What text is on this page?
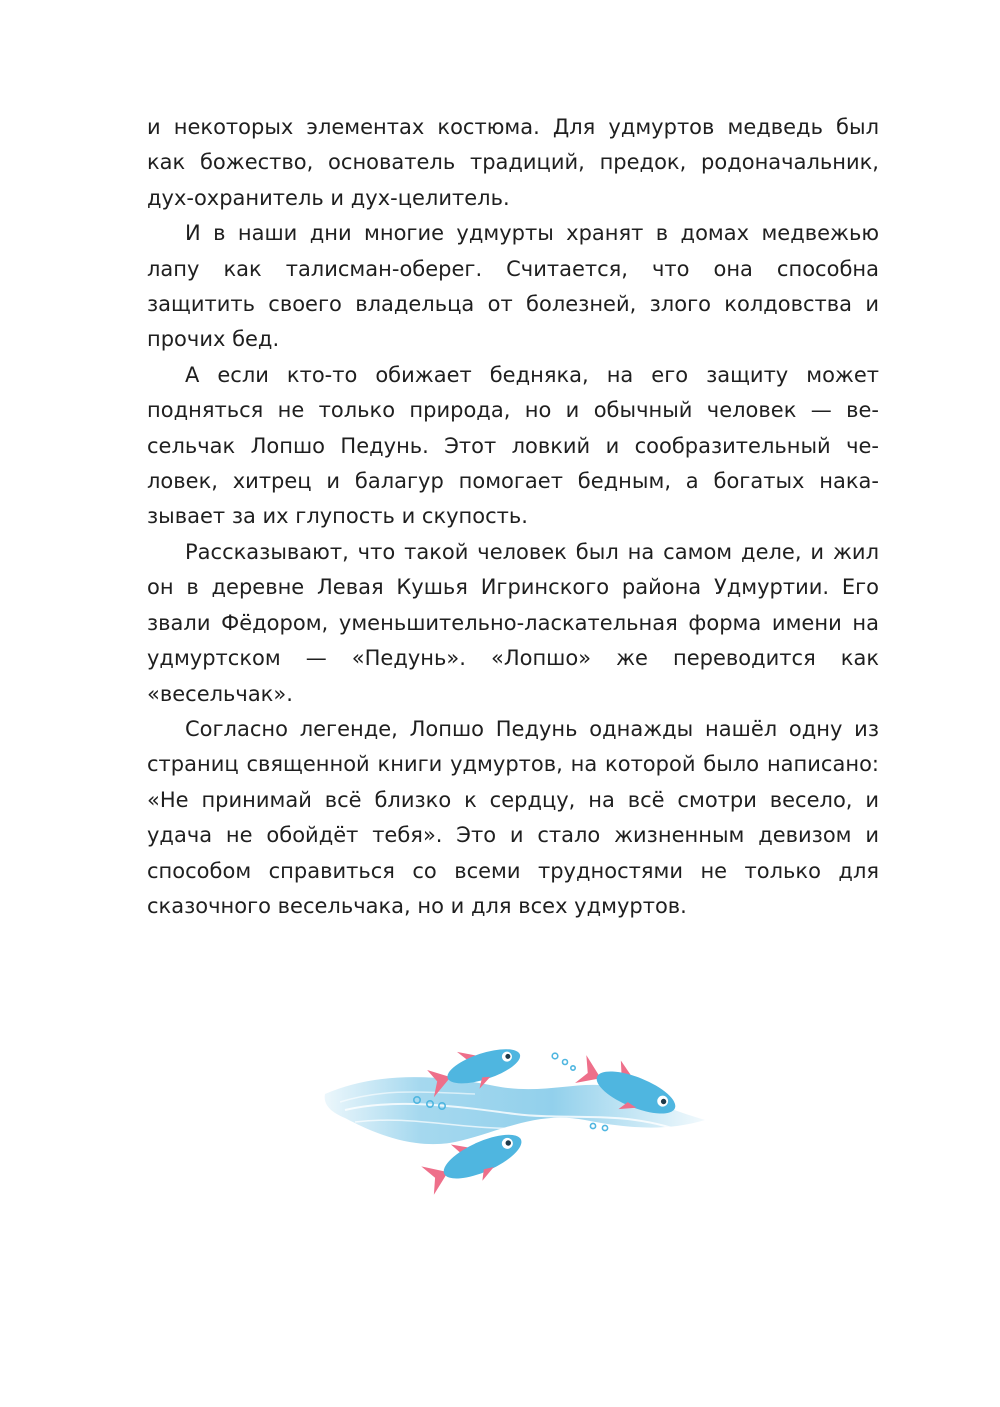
и некоторых элементах костюма. Для удмуртов медведь был как божество, основатель традиций, предок, родоначальник, дух-охранитель и дух-целитель.

И в наши дни многие удмурты хранят в домах медвежью лапу как талисман-оберег. Считается, что она способна защитить своего владельца от болезней, злого колдовства и прочих бед.

А если кто-то обижает бедняка, на его защиту может подняться не только природа, но и обычный человек — весельчак Лопшо Педунь. Этот ловкий и сообразительный человек, хитрец и балагур помогает бедным, а богатых наказывает за их глупость и скупость.

Рассказывают, что такой человек был на самом деле, и жил он в деревне Левая Кушья Игринского района Удмуртии. Его звали Фёдором, уменьшительно-ласкательная форма имени на удмуртском — «Педунь». «Лопшо» же переводится как «весельчак».

Согласно легенде, Лопшо Педунь однажды нашёл одну из страниц священной книги удмуртов, на которой было написано: «Не принимай всё близко к сердцу, на всё смотри весело, и удача не обойдёт тебя». Это и стало жизненным девизом и способом справиться со всеми трудностями не только для сказочного весельчака, но и для всех удмуртов.
